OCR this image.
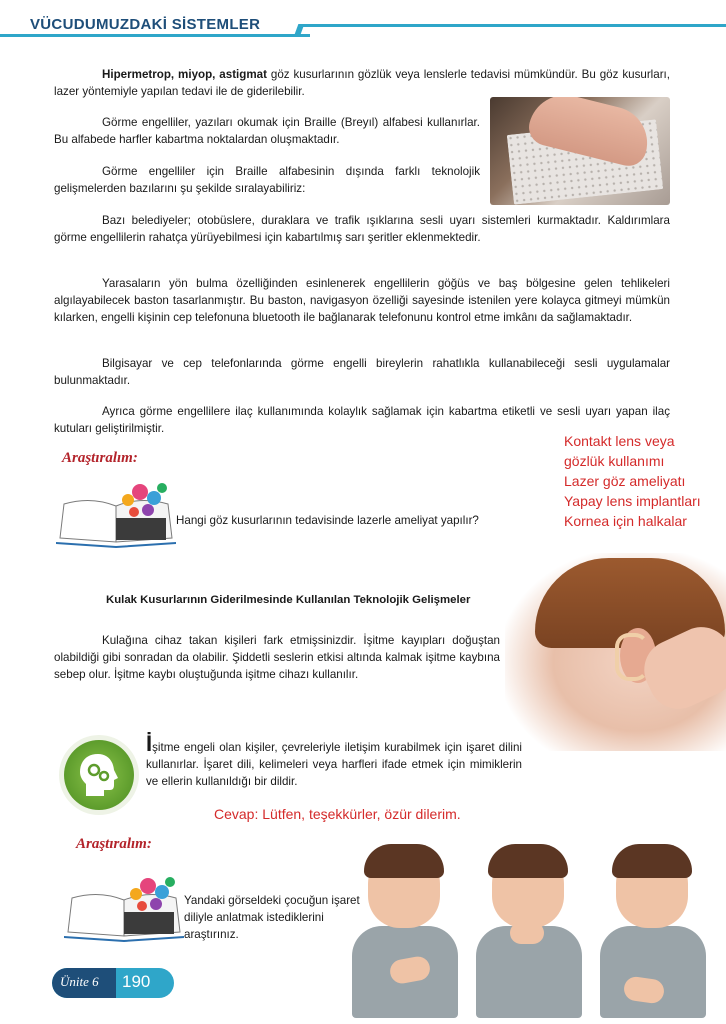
VÜCUDUMUZDAKİ SİSTEMLER
Hipermetrop, miyop, astigmat göz kusurlarının gözlük veya lenslerle tedavisi mümkündür. Bu göz kusurları, lazer yöntemiyle yapılan tedavi ile de giderilebilir.
Görme engelliler, yazıları okumak için Braille (Breyıl) alfabesi kullanırlar. Bu alfabede harfler kabartma noktalardan oluşmaktadır.
Görme engelliler için Braille alfabesinin dışında farklı teknolojik gelişmelerden bazılarını şu şekilde sıralayabiliriz:
Bazı belediyeler; otobüslere, duraklara ve trafik ışıklarına sesli uyarı sistemleri kurmaktadır. Kaldırımlara görme engellilerin rahatça yürüyebilmesi için kabartılmış sarı şeritler eklenmektedir.
Yarasaların yön bulma özelliğinden esinlenerek engellilerin göğüs ve baş bölgesine gelen tehlikeleri algılayabilecek baston tasarlanmıştır. Bu baston, navigasyon özelliği sayesinde istenilen yere kolayca gitmeyi mümkün kılarken, engelli kişinin cep telefonuna bluetooth ile bağlanarak telefonunu kontrol etme imkânı da sağlamaktadır.
Bilgisayar ve cep telefonlarında görme engelli bireylerin rahatlıkla kullanabileceği sesli uygulamalar bulunmaktadır.
Ayrıca görme engellilere ilaç kullanımında kolaylık sağlamak için kabartma etiketli ve sesli uyarı yapan ilaç kutuları geliştirilmiştir.
Araştıralım:
Hangi göz kusurlarının tedavisinde lazerle ameliyat yapılır?
Kontakt lens veya
gözlük kullanımı
Lazer göz ameliyatı
Yapay lens implantları
Kornea için halkalar
Kulak Kusurlarının Giderilmesinde Kullanılan Teknolojik Gelişmeler
Kulağına cihaz takan kişileri fark etmişsinizdir. İşitme kayıpları doğuştan olabildiği gibi sonradan da olabilir. Şiddetli seslerin etkisi altında kalmak işitme kaybına sebep olur. İşitme kaybı oluştuğunda işitme cihazı kullanılır.
İşitme engeli olan kişiler, çevreleriyle iletişim kurabilmek için işaret dilini kullanırlar. İşaret dili, kelimeleri veya harfleri ifade etmek için mimiklerin ve ellerin kullanıldığı bir dildir.
Cevap: Lütfen, teşekkürler, özür dilerim.
Araştıralım:
Yandaki görseldeki çocuğun işaret diliyle anlatmak istediklerini araştırınız.
Ünite 6 190
